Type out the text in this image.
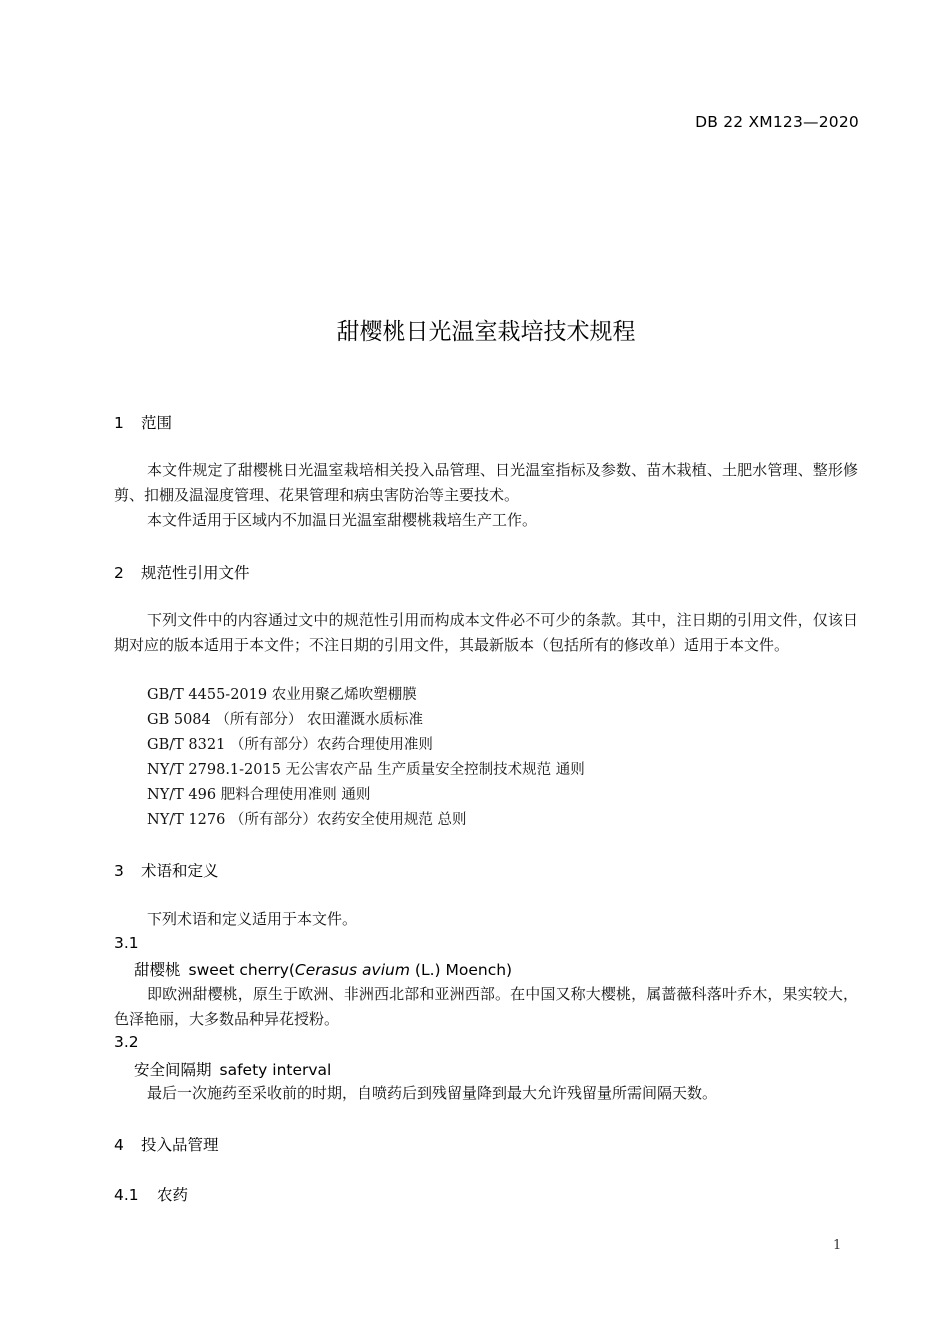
DB 22 XM123—2020
甜樱桃日光温室栽培技术规程
1 范围
本文件规定了甜樱桃日光温室栽培相关投入品管理、日光温室指标及参数、苗木栽植、土肥水管理、整形修剪、扣棚及温湿度管理、花果管理和病虫害防治等主要技术。
本文件适用于区域内不加温日光温室甜樱桃栽培生产工作。
2 规范性引用文件
下列文件中的内容通过文中的规范性引用而构成本文件必不可少的条款。其中，注日期的引用文件，仅该日期对应的版本适用于本文件；不注日期的引用文件，其最新版本（包括所有的修改单）适用于本文件。
GB/T 4455-2019 农业用聚乙烯吹塑棚膜
GB 5084 （所有部分） 农田灌溉水质标准
GB/T 8321 （所有部分）农药合理使用准则
NY/T 2798.1-2015 无公害农产品 生产质量安全控制技术规范 通则
NY/T 496 肥料合理使用准则 通则
NY/T 1276 （所有部分）农药安全使用规范 总则
3 术语和定义
下列术语和定义适用于本文件。
3.1
甜樱桃 sweet cherry(Cerasus avium (L.) Moench)
即欧洲甜樱桃，原生于欧洲、非洲西北部和亚洲西部。在中国又称大樱桃，属蔷薇科落叶乔木，果实较大，色泽艳丽，大多数品种异花授粉。
3.2
安全间隔期 safety interval
最后一次施药至采收前的时期，自喷药后到残留量降到最大允许残留量所需间隔天数。
4 投入品管理
4.1 农药
1
